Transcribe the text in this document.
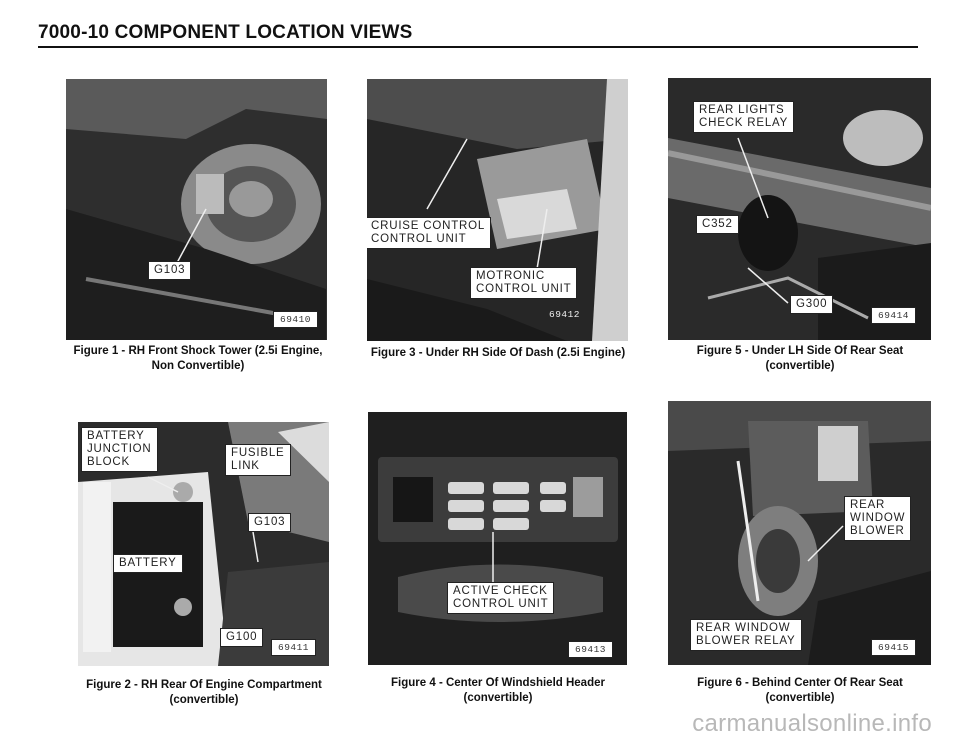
7000-10 COMPONENT LOCATION VIEWS
G103
69410
Figure 1 - RH Front Shock Tower (2.5i Engine,
Non Convertible)
CRUISE CONTROL
CONTROL UNIT
MOTRONIC
CONTROL UNIT
69412
Figure 3 - Under RH Side Of Dash (2.5i Engine)
REAR LIGHTS
CHECK RELAY
C352
G300
69414
Figure 5 - Under LH Side Of Rear Seat
(convertible)
BATTERY
JUNCTION
BLOCK
FUSIBLE
LINK
G103
BATTERY
G100
69411
Figure 2 - RH Rear Of Engine Compartment
(convertible)
ACTIVE CHECK
CONTROL UNIT
69413
Figure 4 - Center Of Windshield Header
(convertible)
REAR
WINDOW
BLOWER
REAR WINDOW
BLOWER RELAY
69415
Figure 6 - Behind Center Of Rear Seat
(convertible)
carmanualsonline.info
